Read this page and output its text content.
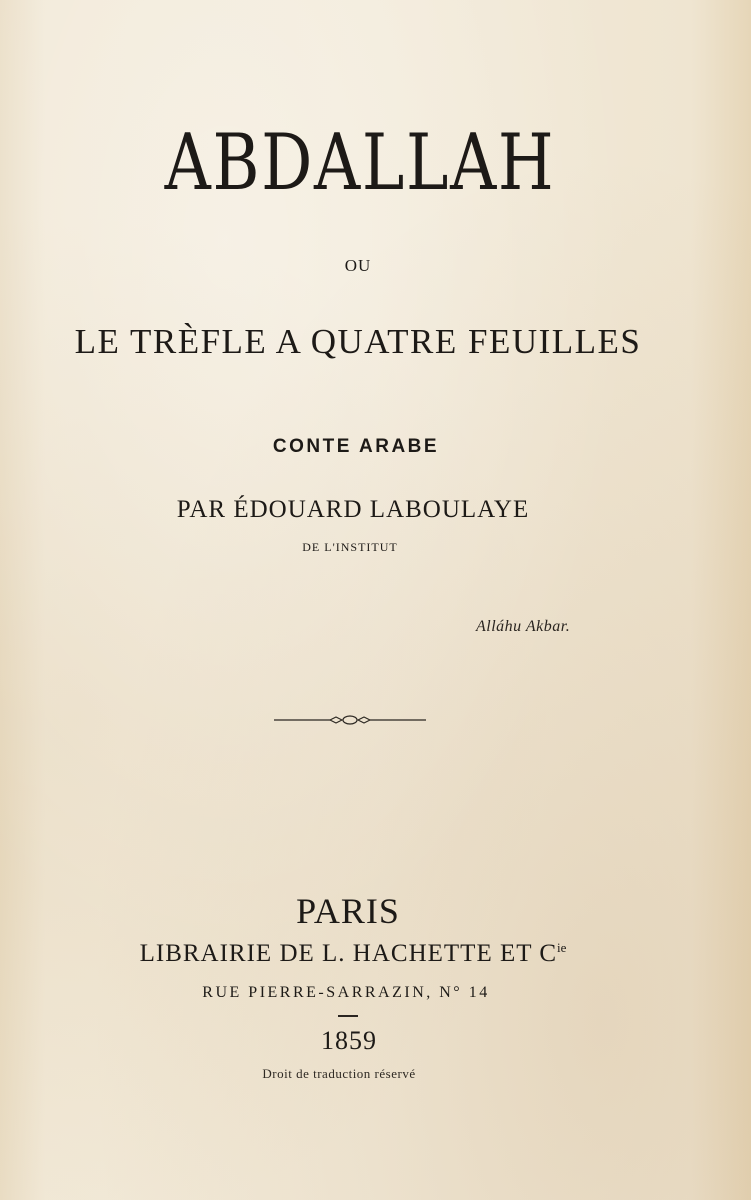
ABDALLAH
OU
LE TRÈFLE A QUATRE FEUILLES
CONTE ARABE
PAR ÉDOUARD LABOULAYE
DE L'INSTITUT
Alláhu Akbar.
PARIS
LIBRAIRIE DE L. HACHETTE ET $C^{ie}$
RUE PIERRE-SARRAZIN, N° 14
1859
Droit de traduction réservé
